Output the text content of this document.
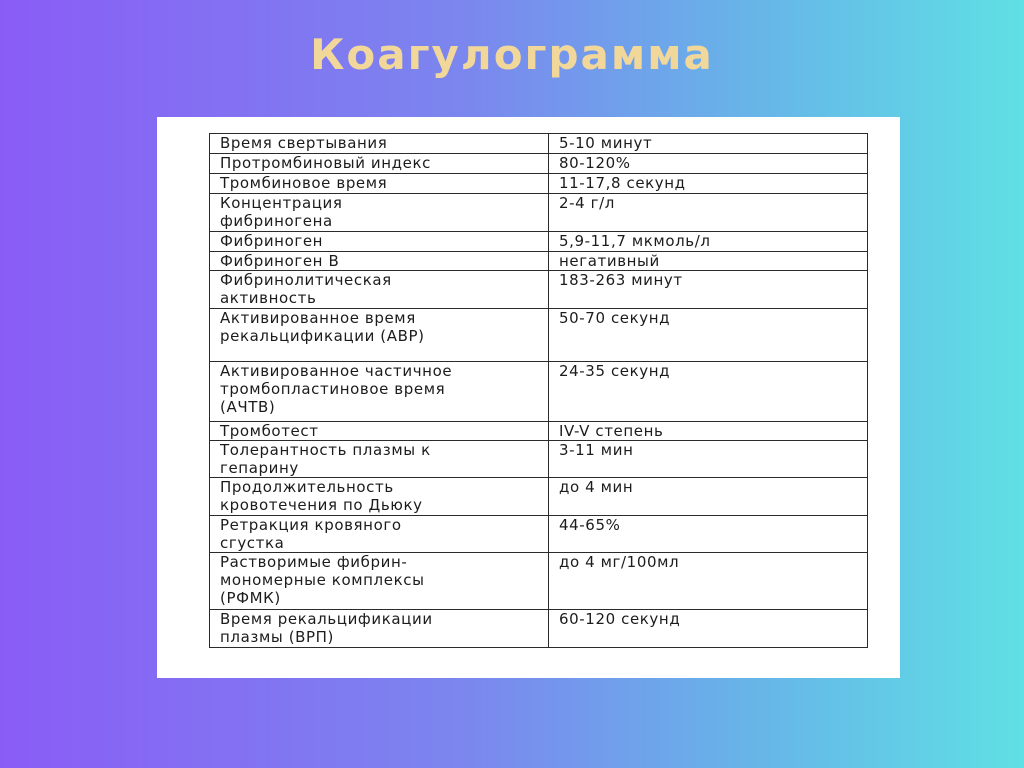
Коагулограмма
Время свертывания	5-10 минут
Протромбиновый индекс	80-120%
Тромбиновое время	11-17,8 секунд
Концентрация
фибриногена	2-4 г/л
Фибриноген	5,9-11,7 мкмоль/л
Фибриноген В	негативный
Фибринолитическая
активность	183-263 минут
Активированное время
рекальцификации (АВР)	50-70 секунд
Активированное частичное
тромбопластиновое время
(АЧТВ)	24-35 секунд
Тромботест	IV-V степень
Толерантность плазмы к
гепарину	3-11 мин
Продолжительность
кровотечения по Дьюку	до 4 мин
Ретракция кровяного
сгустка	44-65%
Растворимые фибрин-
мономерные комплексы
(РФМК)	до 4 мг/100мл
Время рекальцификации
плазмы (ВРП)	60-120 секунд
